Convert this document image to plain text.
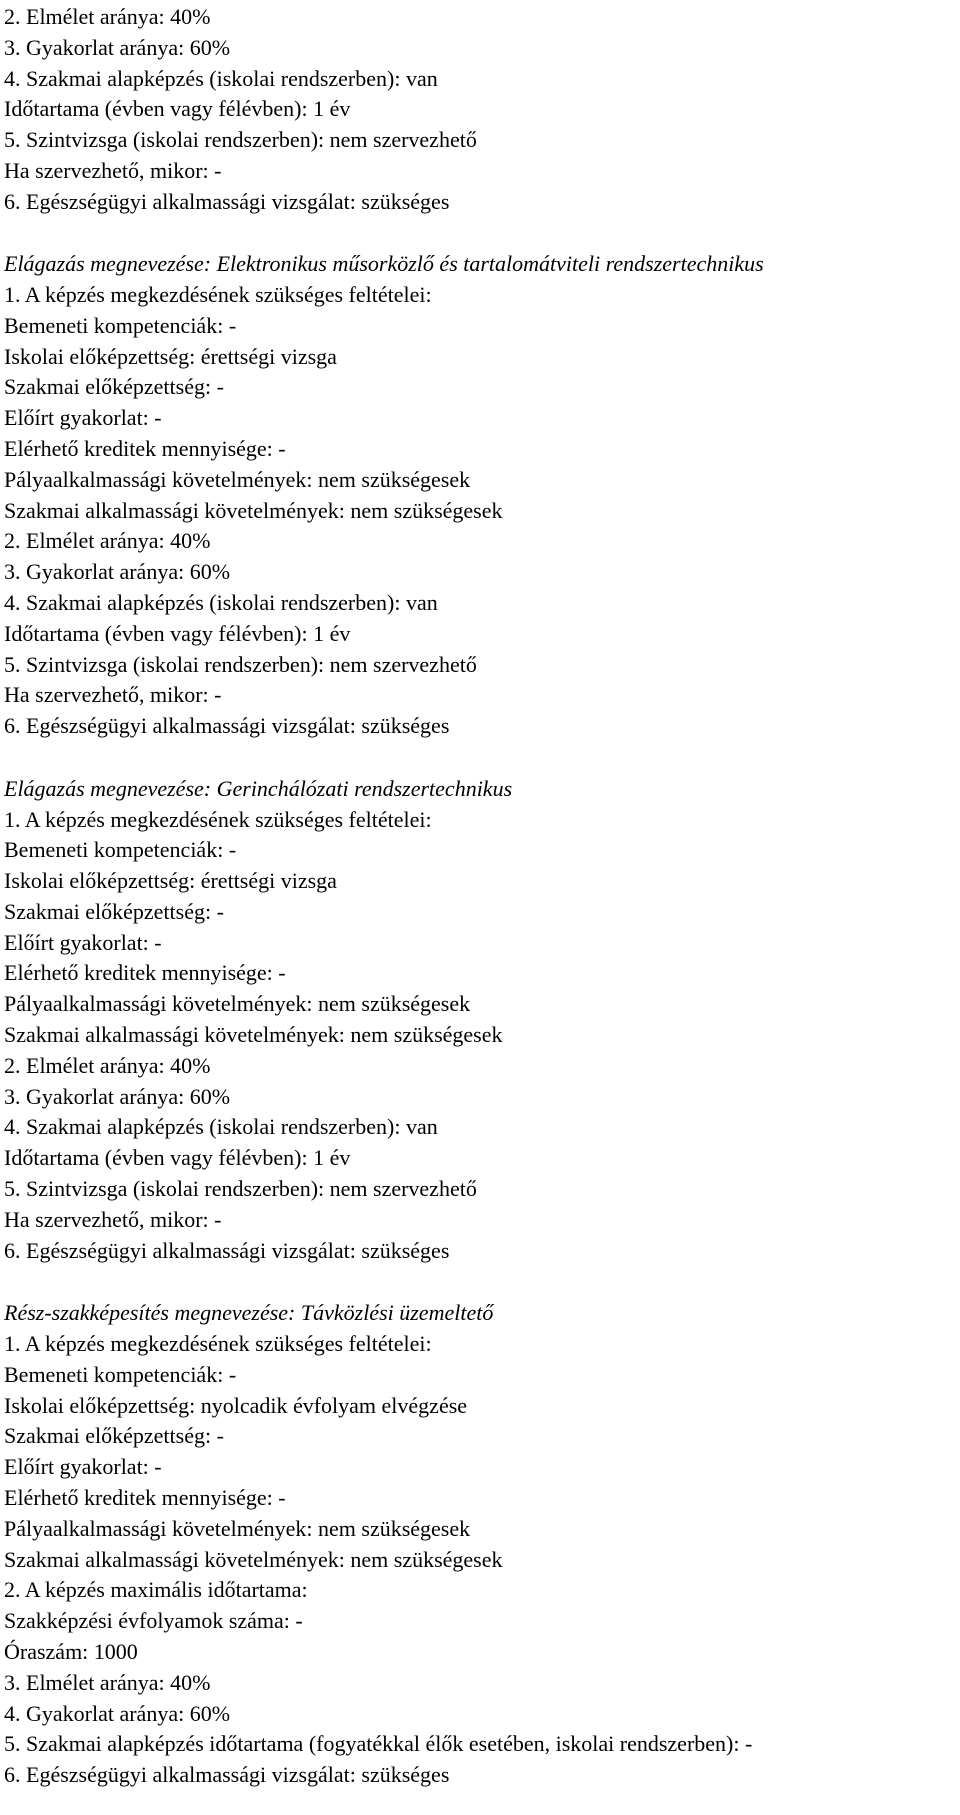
2. Elmélet aránya: 40%
3. Gyakorlat aránya: 60%
4. Szakmai alapképzés (iskolai rendszerben): van
Időtartama (évben vagy félévben): 1 év
5. Szintvizsga (iskolai rendszerben): nem szervezhető
Ha szervezhető, mikor: -
6. Egészségügyi alkalmassági vizsgálat: szükséges
Elágazás megnevezése: Elektronikus műsorközlő és tartalomátviteli rendszertechnikus
1. A képzés megkezdésének szükséges feltételei:
Bemeneti kompetenciák: -
Iskolai előképzettség: érettségi vizsga
Szakmai előképzettség: -
Előírt gyakorlat: -
Elérhető kreditek mennyisége: -
Pályaalkalmassági követelmények: nem szükségesek
Szakmai alkalmassági követelmények: nem szükségesek
2. Elmélet aránya: 40%
3. Gyakorlat aránya: 60%
4. Szakmai alapképzés (iskolai rendszerben): van
Időtartama (évben vagy félévben): 1 év
5. Szintvizsga (iskolai rendszerben): nem szervezhető
Ha szervezhető, mikor: -
6. Egészségügyi alkalmassági vizsgálat: szükséges
Elágazás megnevezése: Gerinchálózati rendszertechnikus
1. A képzés megkezdésének szükséges feltételei:
Bemeneti kompetenciák: -
Iskolai előképzettség: érettségi vizsga
Szakmai előképzettség: -
Előírt gyakorlat: -
Elérhető kreditek mennyisége: -
Pályaalkalmassági követelmények: nem szükségesek
Szakmai alkalmassági követelmények: nem szükségesek
2. Elmélet aránya: 40%
3. Gyakorlat aránya: 60%
4. Szakmai alapképzés (iskolai rendszerben): van
Időtartama (évben vagy félévben): 1 év
5. Szintvizsga (iskolai rendszerben): nem szervezhető
Ha szervezhető, mikor: -
6. Egészségügyi alkalmassági vizsgálat: szükséges
Rész-szakképesítés megnevezése: Távközlési üzemeltető
1. A képzés megkezdésének szükséges feltételei:
Bemeneti kompetenciák: -
Iskolai előképzettség: nyolcadik évfolyam elvégzése
Szakmai előképzettség: -
Előírt gyakorlat: -
Elérhető kreditek mennyisége: -
Pályaalkalmassági követelmények: nem szükségesek
Szakmai alkalmassági követelmények: nem szükségesek
2. A képzés maximális időtartama:
Szakképzési évfolyamok száma: -
Óraszám: 1000
3. Elmélet aránya: 40%
4. Gyakorlat aránya: 60%
5. Szakmai alapképzés időtartama (fogyatékkal élők esetében, iskolai rendszerben): -
6. Egészségügyi alkalmassági vizsgálat: szükséges
